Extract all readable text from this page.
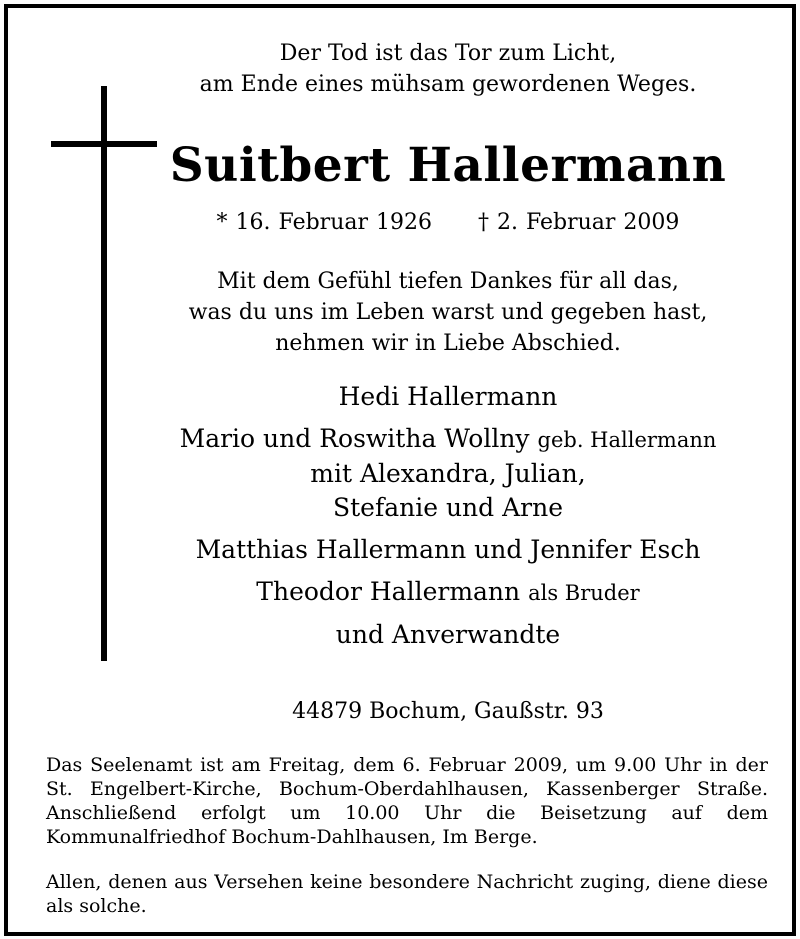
Der Tod ist das Tor zum Licht,
am Ende eines mühsam gewordenen Weges.
Suitbert Hallermann
* 16. Februar 1926 † 2. Februar 2009
Mit dem Gefühl tiefen Dankes für all das,
was du uns im Leben warst und gegeben hast,
nehmen wir in Liebe Abschied.
Hedi Hallermann
Mario und Roswitha Wollny geb. Hallermann
mit Alexandra, Julian,
Stefanie und Arne
Matthias Hallermann und Jennifer Esch
Theodor Hallermann als Bruder
und Anverwandte
44879 Bochum, Gaußstr. 93

Das Seelenamt ist am Freitag, dem 6. Februar 2009, um 9.00 Uhr in der St. Engelbert-Kirche, Bochum-Oberdahlhausen, Kassenberger Straße. Anschließend erfolgt um 10.00 Uhr die Beisetzung auf dem Kommunalfriedhof Bochum-Dahlhausen, Im Berge.

Allen, denen aus Versehen keine besondere Nachricht zuging, diene diese als solche.
